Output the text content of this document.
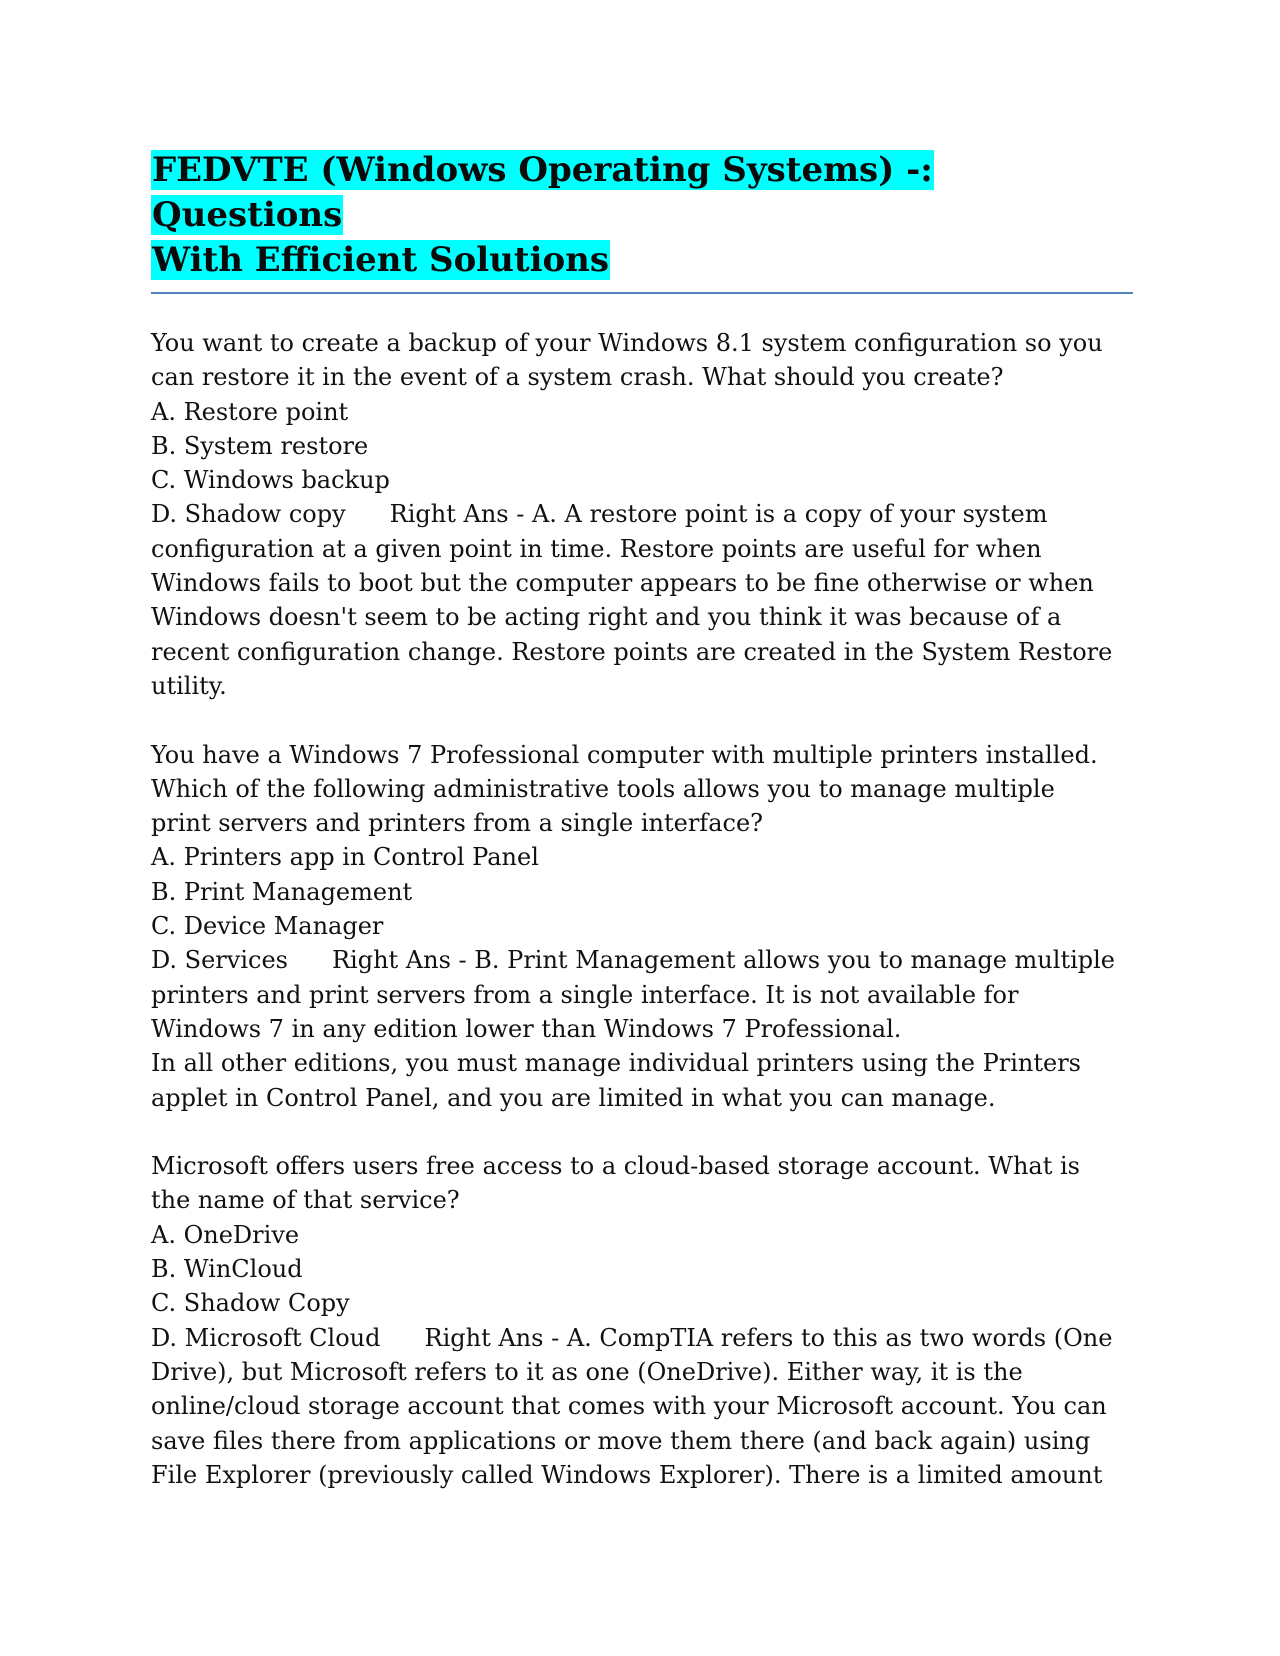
FEDVTE (Windows Operating Systems) -: Questions
With Efficient Solutions
You want to create a backup of your Windows 8.1 system configuration so you
can restore it in the event of a system crash. What should you create?
A. Restore point
B. System restore
C. Windows backup
D. Shadow copy Right Ans - A. A restore point is a copy of your system
configuration at a given point in time. Restore points are useful for when
Windows fails to boot but the computer appears to be fine otherwise or when
Windows doesn't seem to be acting right and you think it was because of a
recent configuration change. Restore points are created in the System Restore
utility.
You have a Windows 7 Professional computer with multiple printers installed.
Which of the following administrative tools allows you to manage multiple
print servers and printers from a single interface?
A. Printers app in Control Panel
B. Print Management
C. Device Manager
D. Services Right Ans - B. Print Management allows you to manage multiple
printers and print servers from a single interface. It is not available for
Windows 7 in any edition lower than Windows 7 Professional.
In all other editions, you must manage individual printers using the Printers
applet in Control Panel, and you are limited in what you can manage.
Microsoft offers users free access to a cloud-based storage account. What is
the name of that service?
A. OneDrive
B. WinCloud
C. Shadow Copy
D. Microsoft Cloud Right Ans - A. CompTIA refers to this as two words (One
Drive), but Microsoft refers to it as one (OneDrive). Either way, it is the
online/cloud storage account that comes with your Microsoft account. You can
save files there from applications or move them there (and back again) using
File Explorer (previously called Windows Explorer). There is a limited amount
